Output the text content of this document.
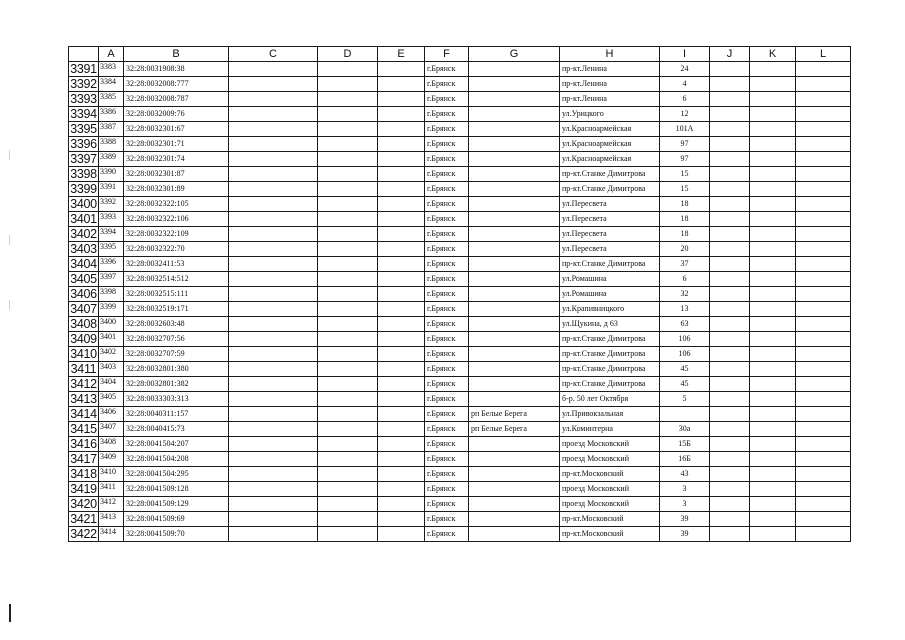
	A	B	C	D	E	F	G	H	I	J	K	L
3391	3383	32:28:0031908:38				г.Брянск		пр-кт.Ленина	24			
3392	3384	32:28:0032008:777				г.Брянск		пр-кт.Ленина	4			
3393	3385	32:28:0032008:787				г.Брянск		пр-кт.Ленина	6			
3394	3386	32:28:0032009:76				г.Брянск		ул.Урицкого	12			
3395	3387	32:28:0032301:67				г.Брянск		ул.Красноармейская	101А			
3396	3388	32:28:0032301:71				г.Брянск		ул.Красноармейская	97			
3397	3389	32:28:0032301:74				г.Брянск		ул.Красноармейская	97			
3398	3390	32:28:0032301:87				г.Брянск		пр-кт.Станке Димитрова	15			
3399	3391	32:28:0032301:89				г.Брянск		пр-кт.Станке Димитрова	15			
3400	3392	32:28:0032322:105				г.Брянск		ул.Пересвета	18			
3401	3393	32:28:0032322:106				г.Брянск		ул.Пересвета	18			
3402	3394	32:28:0032322:109				г.Брянск		ул.Пересвета	18			
3403	3395	32:28:0032322:70				г.Брянск		ул.Пересвета	20			
3404	3396	32:28:0032411:53				г.Брянск		пр-кт.Станке Димитрова	37			
3405	3397	32:28:0032514:512				г.Брянск		ул.Ромашина	6			
3406	3398	32:28:0032515:111				г.Брянск		ул.Ромашина	32			
3407	3399	32:28:0032519:171				г.Брянск		ул.Крапивницкого	13			
3408	3400	32:28:0032603:48				г.Брянск		ул.Щукина, д 63	63			
3409	3401	32:28:0032707:56				г.Брянск		пр-кт.Станке Димитрова	106			
3410	3402	32:28:0032707:59				г.Брянск		пр-кт.Станке Димитрова	106			
3411	3403	32:28:0032801:380				г.Брянск		пр-кт.Станке Димитрова	45			
3412	3404	32:28:0032801:382				г.Брянск		пр-кт.Станке Димитрова	45			
3413	3405	32:28:0033303:313				г.Брянск		б-р. 50 лет Октября	5			
3414	3406	32:28:0040311:157				г.Брянск	рп Белые Берега	ул.Привокзальная				
3415	3407	32:28:0040415:73				г.Брянск	рп Белые Берега	ул.Коминтерна	30а			
3416	3408	32:28:0041504:207				г.Брянск		проезд Московский	15Б			
3417	3409	32:28:0041504:208				г.Брянск		проезд Московский	16Б			
3418	3410	32:28:0041504:295				г.Брянск		пр-кт.Московский	43			
3419	3411	32:28:0041509:128				г.Брянск		проезд Московский	3			
3420	3412	32:28:0041509:129				г.Брянск		проезд Московский	3			
3421	3413	32:28:0041509:69				г.Брянск		пр-кт.Московский	39			
3422	3414	32:28:0041509:70				г.Брянск		пр-кт.Московский	39			
